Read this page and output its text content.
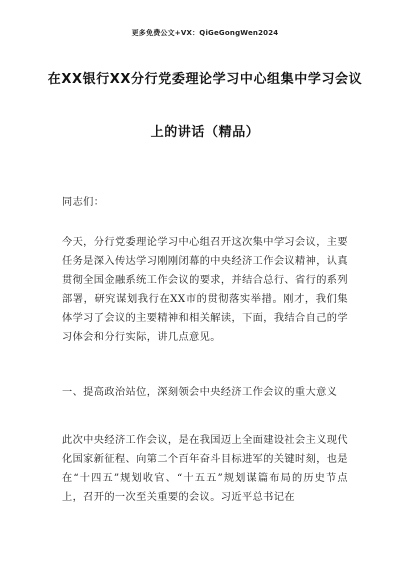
更多免费公文+VX：QiGeGongWen2024
在XX银行XX分行党委理论学习中心组集中学习会议
上的讲话（精品）
同志们：
今天，分行党委理论学习中心组召开这次集中学习会议，主要任务是深入传达学习刚刚闭幕的中央经济工作会议精神，认真贯彻全国金融系统工作会议的要求，并结合总行、省行的系列部署，研究谋划我行在XX市的贯彻落实举措。刚才，我们集体学习了会议的主要精神和相关解读，下面，我结合自己的学习体会和分行实际，讲几点意见。
一、提高政治站位，深刻领会中央经济工作会议的重大意义
此次中央经济工作会议，是在我国迈上全面建设社会主义现代化国家新征程、向第二个百年奋斗目标进军的关键时刻，也是在“十四五”规划收官、“十五五”规划谋篇布局的历史节点上，召开的一次至关重要的会议。习近平总书记在
